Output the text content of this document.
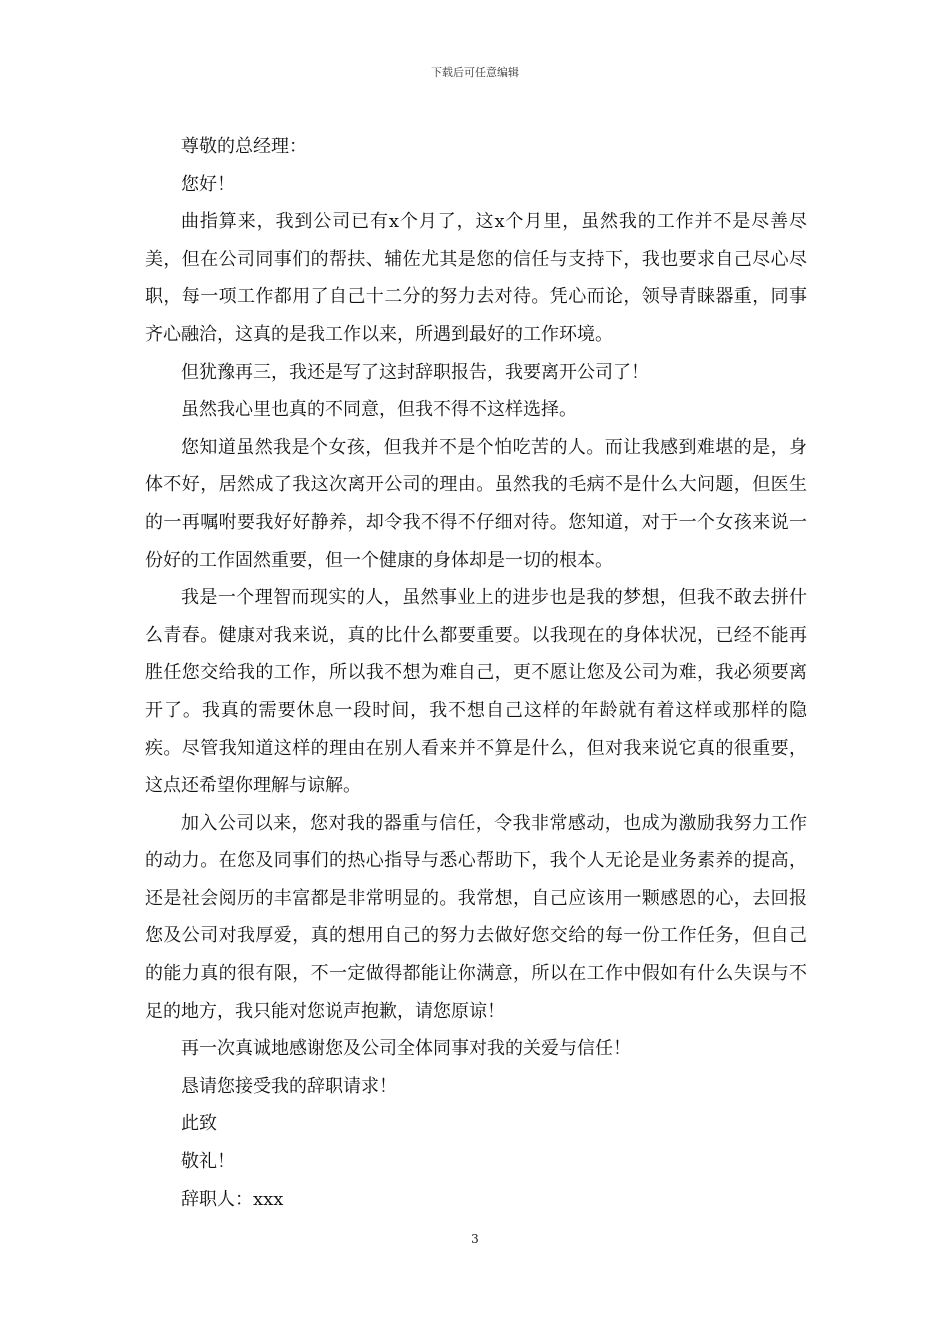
下载后可任意编辑

尊敬的总经理：

您好！

曲指算来，我到公司已有x个月了，这x个月里，虽然我的工作并不是尽善尽美，但在公司同事们的帮扶、辅佐尤其是您的信任与支持下，我也要求自己尽心尽职，每一项工作都用了自己十二分的努力去对待。凭心而论，领导青睐器重，同事齐心融洽，这真的是我工作以来，所遇到最好的工作环境。

但犹豫再三，我还是写了这封辞职报告，我要离开公司了！

虽然我心里也真的不同意，但我不得不这样选择。

您知道虽然我是个女孩，但我并不是个怕吃苦的人。而让我感到难堪的是，身体不好，居然成了我这次离开公司的理由。虽然我的毛病不是什么大问题，但医生的一再嘱咐要我好好静养，却令我不得不仔细对待。您知道，对于一个女孩来说一份好的工作固然重要，但一个健康的身体却是一切的根本。

我是一个理智而现实的人，虽然事业上的进步也是我的梦想，但我不敢去拼什么青春。健康对我来说，真的比什么都要重要。以我现在的身体状况，已经不能再胜任您交给我的工作，所以我不想为难自己，更不愿让您及公司为难，我必须要离开了。我真的需要休息一段时间，我不想自己这样的年龄就有着这样或那样的隐疾。尽管我知道这样的理由在别人看来并不算是什么，但对我来说它真的很重要，这点还希望你理解与谅解。

加入公司以来，您对我的器重与信任，令我非常感动，也成为激励我努力工作的动力。在您及同事们的热心指导与悉心帮助下，我个人无论是业务素养的提高，还是社会阅历的丰富都是非常明显的。我常想，自己应该用一颗感恩的心，去回报您及公司对我厚爱，真的想用自己的努力去做好您交给的每一份工作任务，但自己的能力真的很有限，不一定做得都能让你满意，所以在工作中假如有什么失误与不足的地方，我只能对您说声抱歉，请您原谅！

再一次真诚地感谢您及公司全体同事对我的关爱与信任！

恳请您接受我的辞职请求！

此致

敬礼！

辞职人：xxx

3
